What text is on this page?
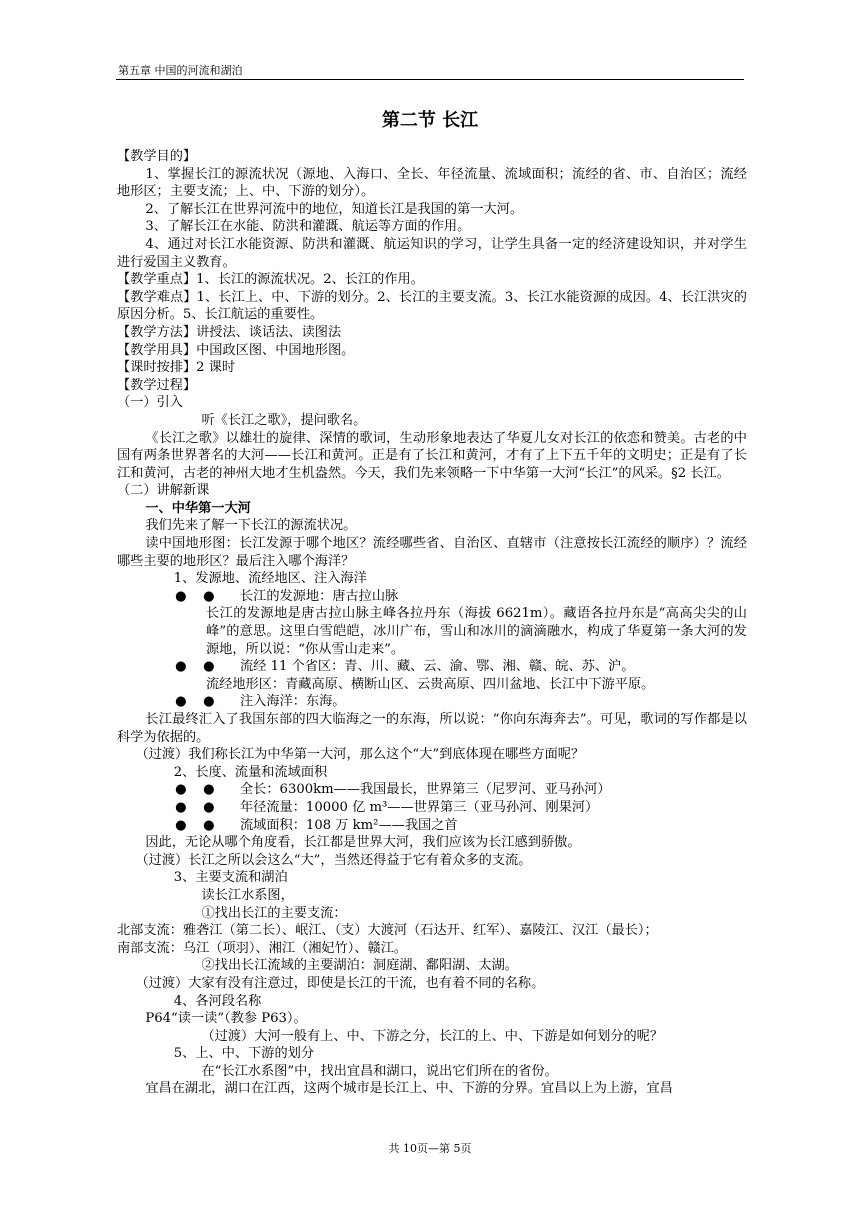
第五章 中国的河流和湖泊
第二节 长江

【教学目的】

1、掌握长江的源流状况（源地、入海口、全长、年径流量、流域面积；流经的省、市、自治区；流经地形区；主要支流；上、中、下游的划分）。

2、了解长江在世界河流中的地位，知道长江是我国的第一大河。

3、了解长江在水能、防洪和灌溉、航运等方面的作用。

4、通过对长江水能资源、防洪和灌溉、航运知识的学习，让学生具备一定的经济建设知识，并对学生进行爱国主义教育。

【教学重点】1、长江的源流状况。2、长江的作用。

【教学难点】1、长江上、中、下游的划分。2、长江的主要支流。3、长江水能资源的成因。4、长江洪灾的原因分析。5、长江航运的重要性。

【教学方法】讲授法、谈话法、读图法

【教学用具】中国政区图、中国地形图。

【课时按排】2 课时

【教学过程】

（一）引入

听《长江之歌》，提问歌名。

《长江之歌》以雄壮的旋律、深情的歌词，生动形象地表达了华夏儿女对长江的依恋和赞美。古老的中国有两条世界著名的大河——长江和黄河。正是有了长江和黄河，才有了上下五千年的文明史；正是有了长江和黄河，古老的神州大地才生机盎然。今天，我们先来领略一下中华第一大河“长江”的风采。§2 长江。

（二）讲解新课

一、中华第一大河

我们先来了解一下长江的源流状况。

读中国地形图：长江发源于哪个地区？流经哪些省、自治区、直辖市（注意按长江流经的顺序）？流经哪些主要的地形区？最后注入哪个海洋？

1、发源地、流经地区、注入海洋

●	●	长江的发源地：唐古拉山脉

长江的发源地是唐古拉山脉主峰各拉丹东（海拔 6621m）。藏语各拉丹东是“高高尖尖的山峰”的意思。这里白雪皑皑，冰川广布，雪山和冰川的滴滴融水，构成了华夏第一条大河的发源地，所以说：“你从雪山走来”。

●	●	流经 11 个省区：青、川、藏、云、渝、鄂、湘、赣、皖、苏、沪。

流经地形区：青藏高原、横断山区、云贵高原、四川盆地、长江中下游平原。

●	●	注入海洋：东海。

长江最终汇入了我国东部的四大临海之一的东海，所以说：“你向东海奔去”。可见，歌词的写作都是以科学为依据的。

（过渡）我们称长江为中华第一大河，那么这个“大”到底体现在哪些方面呢？

2、长度、流量和流域面积

●	●	全长：6300km——我国最长，世界第三（尼罗河、亚马孙河）
●	●	年径流量：10000 亿 m³——世界第三（亚马孙河、刚果河）
●	●	流域面积：108 万 km²——我国之首

因此，无论从哪个角度看，长江都是世界大河，我们应该为长江感到骄傲。

（过渡）长江之所以会这么“大”，当然还得益于它有着众多的支流。

3、主要支流和湖泊

读长江水系图，

①找出长江的主要支流：

北部支流：雅砻江（第二长）、岷江、（支）大渡河（石达开、红军）、嘉陵江、汉江（最长）；

南部支流：乌江（项羽）、湘江（湘妃竹）、赣江。

②找出长江流域的主要湖泊：洞庭湖、鄱阳湖、太湖。

（过渡）大家有没有注意过，即使是长江的干流，也有着不同的名称。

4、各河段名称

P64“读一读”（教参 P63）。

（过渡）大河一般有上、中、下游之分，长江的上、中、下游是如何划分的呢？

5、上、中、下游的划分

在“长江水系图”中，找出宜昌和湖口，说出它们所在的省份。

宜昌在湖北，湖口在江西，这两个城市是长江上、中、下游的分界。宜昌以上为上游，宜昌

共 10页—第 5页
